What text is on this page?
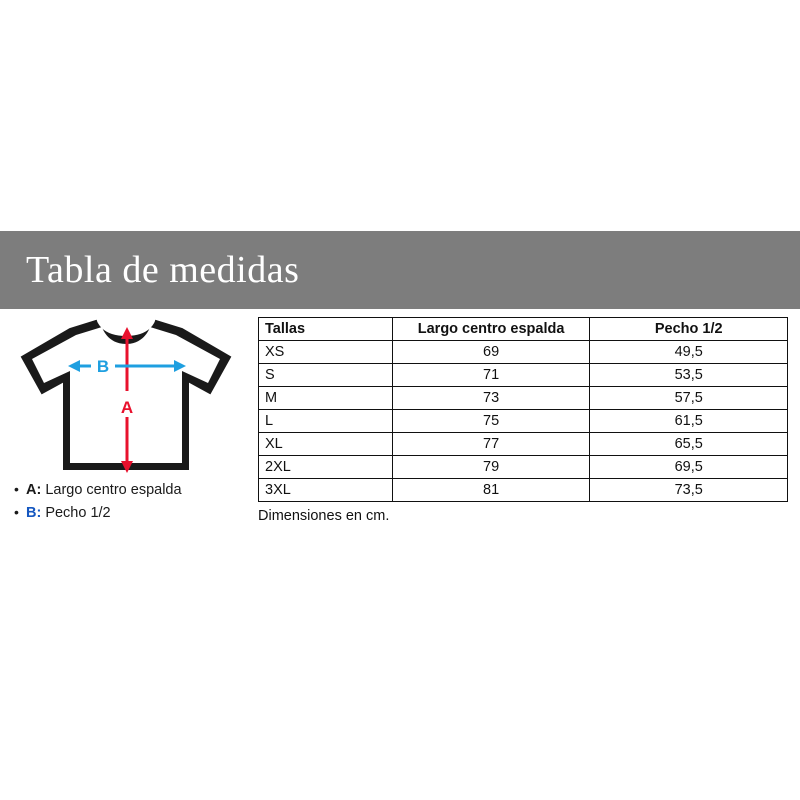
Tabla de medidas
A
B
• A: Largo centro espalda
• B: Pecho 1/2
Tallas	Largo centro espalda	Pecho 1/2
XS	69	49,5
S	71	53,5
M	73	57,5
L	75	61,5
XL	77	65,5
2XL	79	69,5
3XL	81	73,5
Dimensiones en cm.
